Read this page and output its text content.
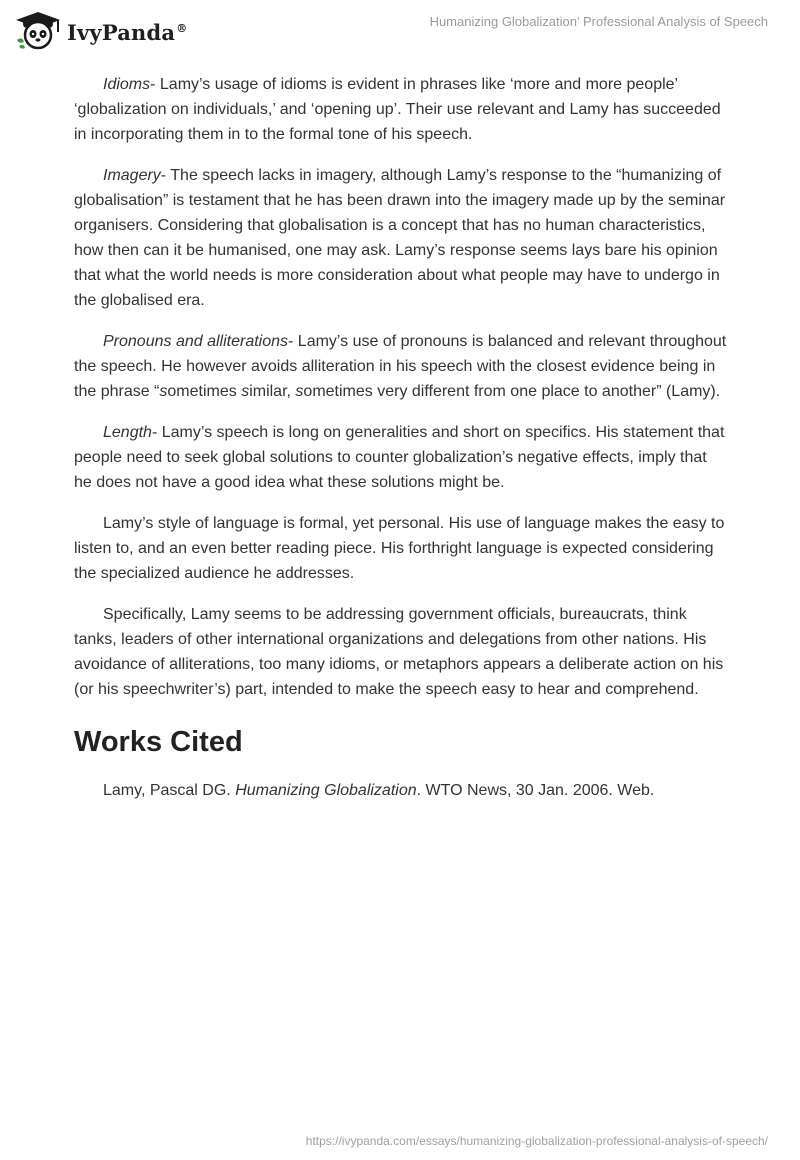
IvyPanda®	Humanizing Globalization’ Professional Analysis of Speech

Idioms- Lamy’s usage of idioms is evident in phrases like ‘more and more people’ ‘globalization on individuals,’ and ‘opening up’. Their use relevant and Lamy has succeeded in incorporating them in to the formal tone of his speech.

Imagery- The speech lacks in imagery, although Lamy’s response to the “humanizing of globalisation” is testament that he has been drawn into the imagery made up by the seminar organisers. Considering that globalisation is a concept that has no human characteristics, how then can it be humanised, one may ask. Lamy’s response seems lays bare his opinion that what the world needs is more consideration about what people may have to undergo in the globalised era.

Pronouns and alliterations- Lamy’s use of pronouns is balanced and relevant throughout the speech. He however avoids alliteration in his speech with the closest evidence being in the phrase “sometimes similar, sometimes very different from one place to another” (Lamy).

Length- Lamy’s speech is long on generalities and short on specifics. His statement that people need to seek global solutions to counter globalization’s negative effects, imply that he does not have a good idea what these solutions might be.

Lamy’s style of language is formal, yet personal. His use of language makes the easy to listen to, and an even better reading piece. His forthright language is expected considering the specialized audience he addresses.

Specifically, Lamy seems to be addressing government officials, bureaucrats, think tanks, leaders of other international organizations and delegations from other nations. His avoidance of alliterations, too many idioms, or metaphors appears a deliberate action on his (or his speechwriter’s) part, intended to make the speech easy to hear and comprehend.

Works Cited

Lamy, Pascal DG. Humanizing Globalization. WTO News, 30 Jan. 2006. Web.

https://ivypanda.com/essays/humanizing-globalization-professional-analysis-of-speech/
